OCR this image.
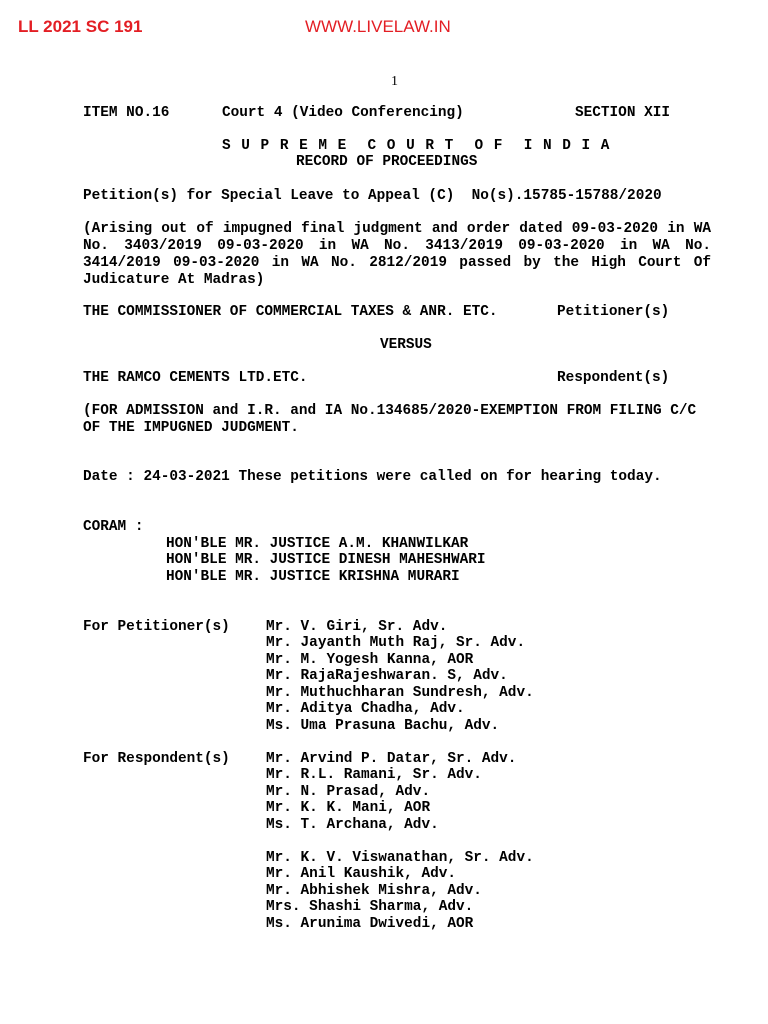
LL 2021 SC 191	WWW.LIVELAW.IN
1
ITEM NO.16	Court 4 (Video Conferencing)	SECTION XII
S U P R E M E  C O U R T  O F  I N D I A
RECORD OF PROCEEDINGS
Petition(s) for Special Leave to Appeal (C)  No(s).15785-15788/2020
(Arising out of impugned final judgment and order dated 09-03-2020 in WA No. 3403/2019 09-03-2020 in WA No. 3413/2019 09-03-2020 in WA No. 3414/2019 09-03-2020 in WA No. 2812/2019 passed by the High Court Of Judicature At Madras)
THE COMMISSIONER OF COMMERCIAL TAXES & ANR. ETC.	Petitioner(s)
VERSUS
THE RAMCO CEMENTS LTD.ETC.	Respondent(s)
(FOR ADMISSION and I.R. and IA No.134685/2020-EXEMPTION FROM FILING C/C OF THE IMPUGNED JUDGMENT.
Date : 24-03-2021 These petitions were called on for hearing today.
CORAM :
HON'BLE MR. JUSTICE A.M. KHANWILKAR
HON'BLE MR. JUSTICE DINESH MAHESHWARI
HON'BLE MR. JUSTICE KRISHNA MURARI
For Petitioner(s)	Mr. V. Giri, Sr. Adv.
Mr. Jayanth Muth Raj, Sr. Adv.
Mr. M. Yogesh Kanna, AOR
Mr. RajaRajeshwaran. S, Adv.
Mr. Muthuchharan Sundresh, Adv.
Mr. Aditya Chadha, Adv.
Ms. Uma Prasuna Bachu, Adv.
For Respondent(s)	Mr. Arvind P. Datar, Sr. Adv.
Mr. R.L. Ramani, Sr. Adv.
Mr. N. Prasad, Adv.
Mr. K. K. Mani, AOR
Ms. T. Archana, Adv.
Mr. K. V. Viswanathan, Sr. Adv.
Mr. Anil Kaushik, Adv.
Mr. Abhishek Mishra, Adv.
Mrs. Shashi Sharma, Adv.
Ms. Arunima Dwivedi, AOR
